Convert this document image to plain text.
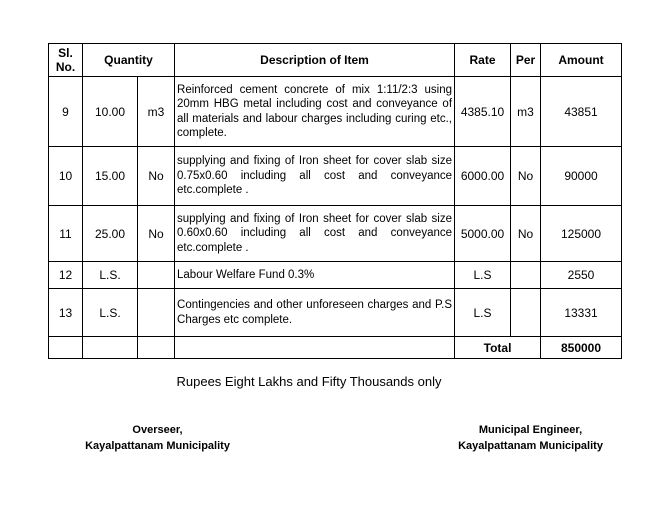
Sl. No.	Quantity		Description of Item	Rate	Per	Amount
9	10.00	m3	Reinforced cement concrete of mix 1:11/2:3 using 20mm HBG metal including cost and conveyance of all materials and labour charges including curing etc., complete.	4385.10	m3	43851
10	15.00	No	supplying and fixing of Iron sheet for cover slab size 0.75x0.60 including all cost and conveyance etc.complete .	6000.00	No	90000
11	25.00	No	supplying and fixing of Iron sheet for cover slab size 0.60x0.60 including all cost and conveyance etc.complete .	5000.00	No	125000
12	L.S.		Labour Welfare Fund 0.3%	L.S		2550
13	L.S.		Contingencies and other unforeseen charges and P.S Charges etc complete.	L.S		13331
				Total		850000
Rupees Eight Lakhs and Fifty Thousands only
Overseer,
Kayalpattanam Municipality
Municipal Engineer,
Kayalpattanam Municipality
